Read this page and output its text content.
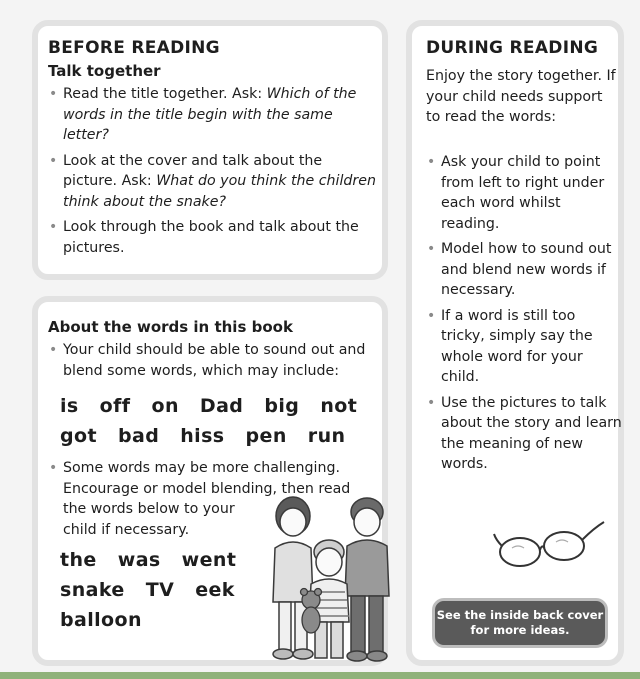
BEFORE READING
Talk together
• Read the title together. Ask: Which of the words in the title begin with the same letter?
• Look at the cover and talk about the picture. Ask: What do you think the children think about the snake?
• Look through the book and talk about the pictures.
About the words in this book
• Your child should be able to sound out and blend some words, which may include:
is   off   on   Dad   big   not
got   bad   hiss   pen   run
• Some words may be more challenging.
Encourage or model blending, then read
the words below to your
child if necessary.
the   was   went
snake   TV   eek
balloon
DURING READING

Enjoy the story together. If your child needs support to read the words:

• Ask your child to point from left to right under each word whilst reading.
• Model how to sound out and blend new words if necessary.
• If a word is still too tricky, simply say the whole word for your child.
• Use the pictures to talk about the story and learn the meaning of new words.
See the inside back cover
for more ideas.
